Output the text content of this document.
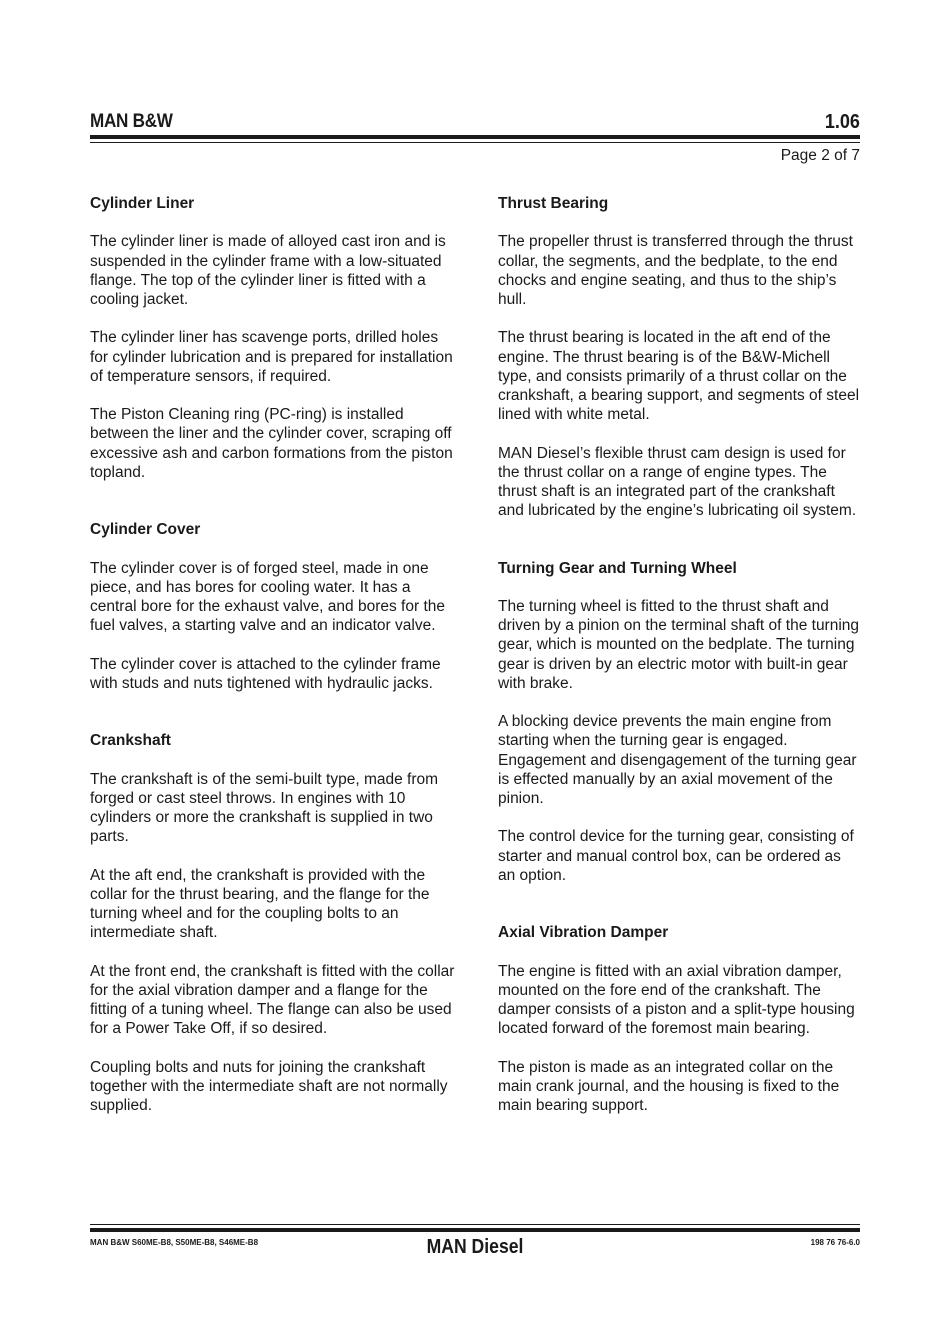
MAN B&W	1.06
Page 2 of 7
Cylinder Liner
The cylinder liner is made of alloyed cast iron and is suspended in the cylinder frame with a low-situated flange. The top of the cylinder liner is fitted with a cooling jacket.
The cylinder liner has scavenge ports, drilled holes for cylinder lubrication and is prepared for installation of temperature sensors, if required.
The Piston Cleaning ring (PC-ring) is installed between the liner and the cylinder cover, scraping off excessive ash and carbon formations from the piston topland.
Cylinder Cover
The cylinder cover is of forged steel, made in one piece, and has bores for cooling water. It has a central bore for the exhaust valve, and bores for the fuel valves, a starting valve and an indicator valve.
The cylinder cover is attached to the cylinder frame with studs and nuts tightened with hydraulic jacks.
Crankshaft
The crankshaft is of the semi-built type, made from forged or cast steel throws. In engines with 10 cylinders or more the crankshaft is supplied in two parts.
At the aft end, the crankshaft is provided with the collar for the thrust bearing, and the flange for the turning wheel and for the coupling bolts to an intermediate shaft.
At the front end, the crankshaft is fitted with the collar for the axial vibration damper and a flange for the fitting of a tuning wheel. The flange can also be used for a Power Take Off, if so desired.
Coupling bolts and nuts for joining the crankshaft together with the intermediate shaft are not normally supplied.
Thrust Bearing
The propeller thrust is transferred through the thrust collar, the segments, and the bedplate, to the end chocks and engine seating, and thus to the ship’s hull.
The thrust bearing is located in the aft end of the engine. The thrust bearing is of the B&W-Michell type, and consists primarily of a thrust collar on the crankshaft, a bearing support, and segments of steel lined with white metal.
MAN Diesel’s flexible thrust cam design is used for the thrust collar on a range of engine types. The thrust shaft is an integrated part of the crankshaft and lubricated by the engine’s lubricating oil system.
Turning Gear and Turning Wheel
The turning wheel is fitted to the thrust shaft and driven by a pinion on the terminal shaft of the turning gear, which is mounted on the bedplate. The turning gear is driven by an electric motor with built-in gear with brake.
A blocking device prevents the main engine from starting when the turning gear is engaged. Engagement and disengagement of the turning gear is effected manually by an axial movement of the pinion.
The control device for the turning gear, consisting of starter and manual control box, can be ordered as an option.
Axial Vibration Damper
The engine is fitted with an axial vibration damper, mounted on the fore end of the crankshaft. The damper consists of a piston and a split-type housing located forward of the foremost main bearing.
The piston is made as an integrated collar on the main crank journal, and the housing is fixed to the main bearing support.
MAN B&W S60ME-B8, S50ME-B8, S46ME-B8	MAN Diesel	198 76 76-6.0
